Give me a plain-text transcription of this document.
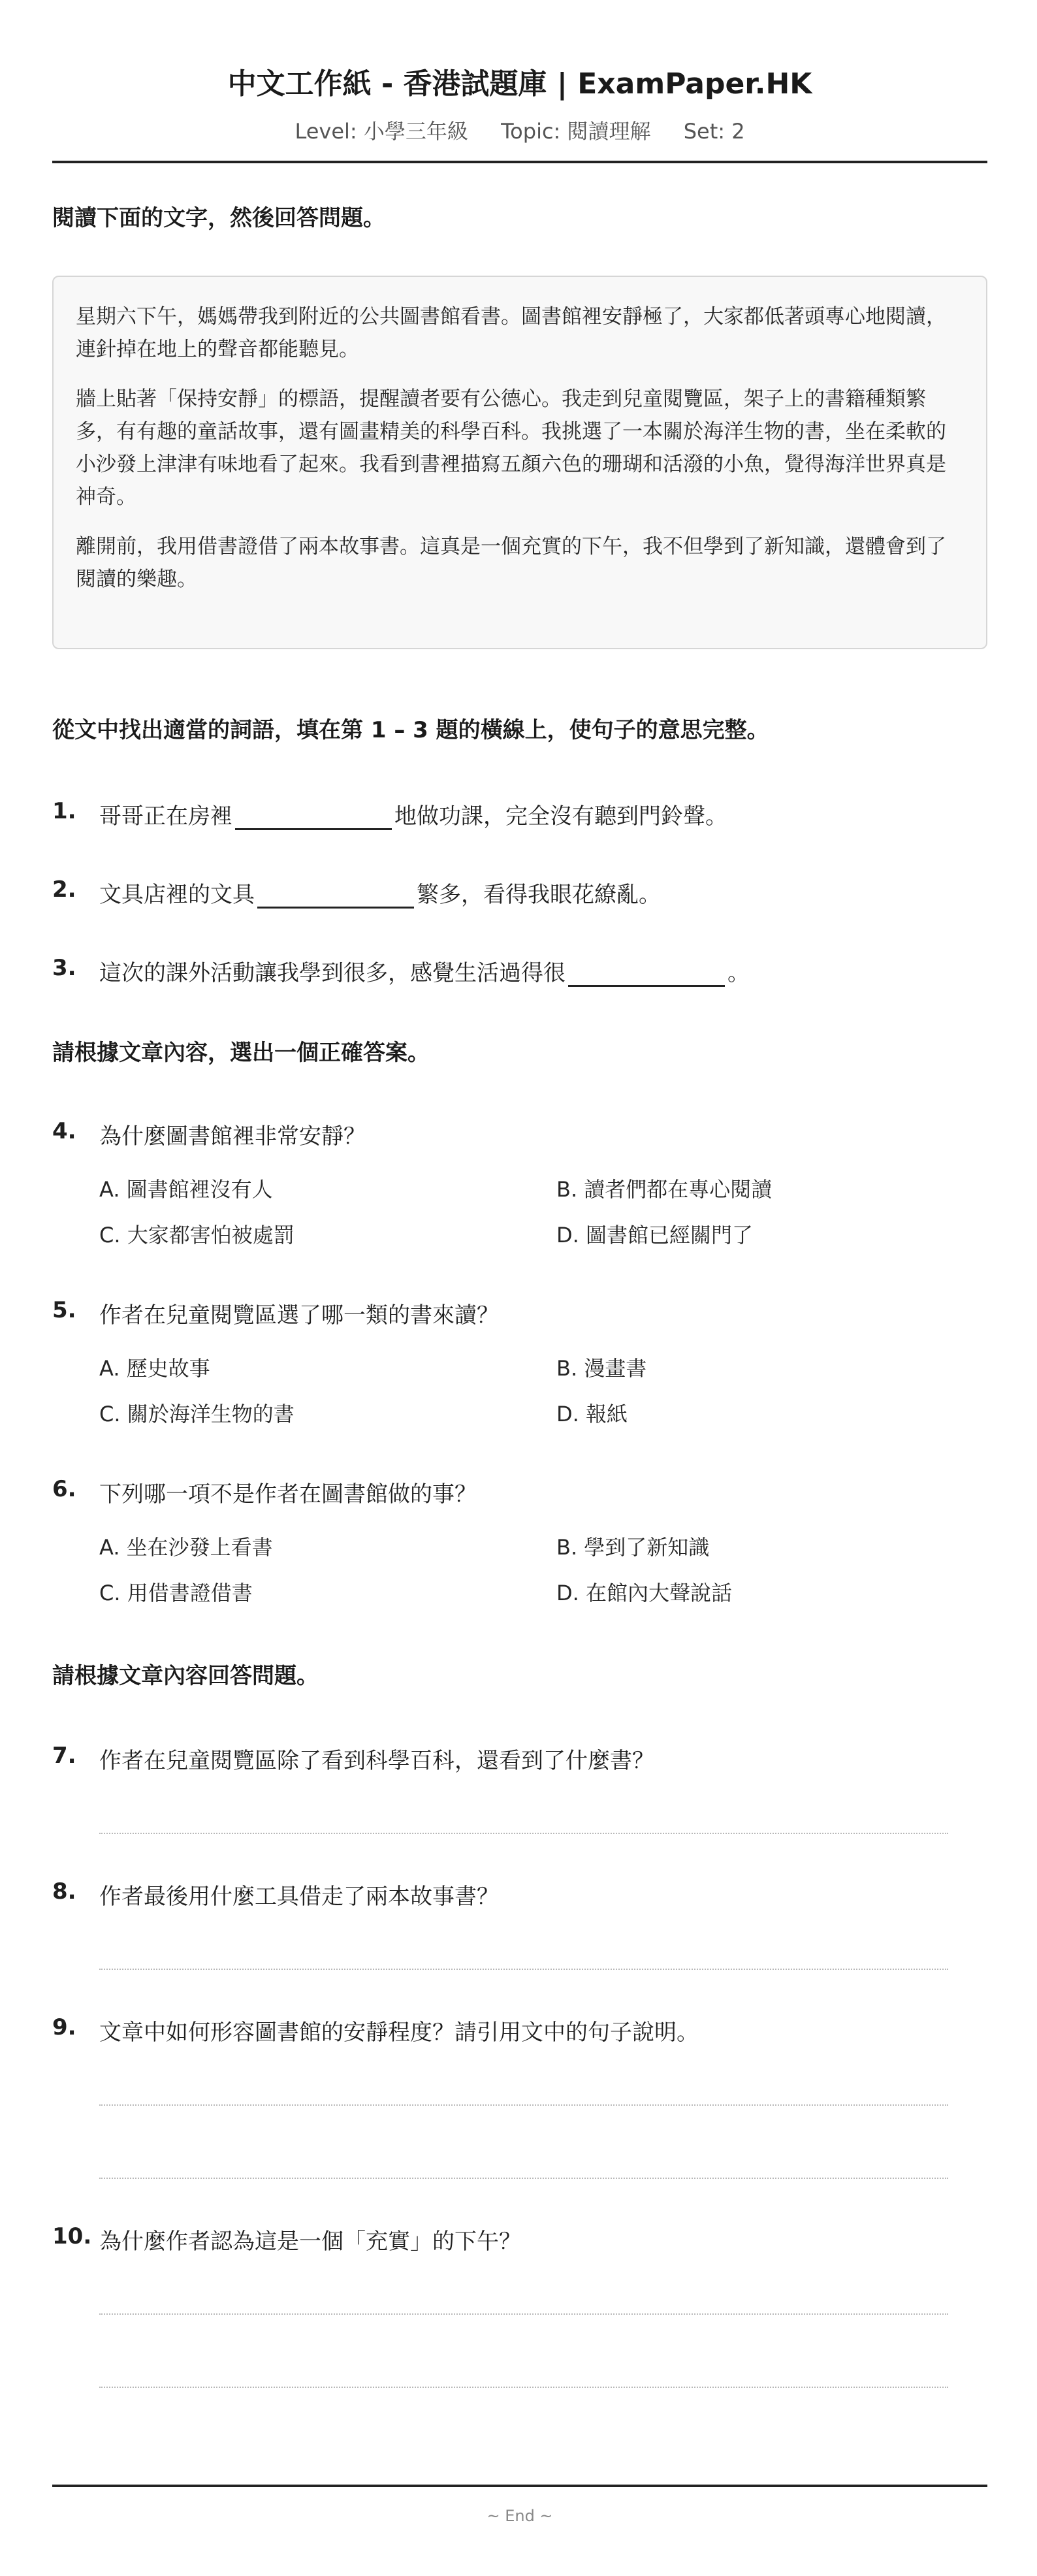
中文工作紙 - 香港試題庫 | ExamPaper.HK
Level: 小學三年級 Topic: 閱讀理解 Set: 2
閱讀下面的文字，然後回答問題。

星期六下午，媽媽帶我到附近的公共圖書館看書。圖書館裡安靜極了，大家都低著頭專心地閱讀，連針掉在地上的聲音都能聽見。

牆上貼著「保持安靜」的標語，提醒讀者要有公德心。我走到兒童閱覽區，架子上的書籍種類繁多，有有趣的童話故事，還有圖畫精美的科學百科。我挑選了一本關於海洋生物的書，坐在柔軟的小沙發上津津有味地看了起來。我看到書裡描寫五顏六色的珊瑚和活潑的小魚，覺得海洋世界真是神奇。

離開前，我用借書證借了兩本故事書。這真是一個充實的下午，我不但學到了新知識，還體會到了閱讀的樂趣。

從文中找出適當的詞語，填在第 1 – 3 題的橫線上，使句子的意思完整。
1. 哥哥正在房裡	地做功課，完全沒有聽到門鈴聲。
2. 文具店裡的文具	繁多，看得我眼花繚亂。
3. 這次的課外活動讓我學到很多，感覺生活過得很	。
請根據文章內容，選出一個正確答案。
4. 為什麼圖書館裡非常安靜？
A. 圖書館裡沒有人	B. 讀者們都在專心閱讀
C. 大家都害怕被處罰	D. 圖書館已經關門了
5. 作者在兒童閱覽區選了哪一類的書來讀？
A. 歷史故事	B. 漫畫書
C. 關於海洋生物的書	D. 報紙
6. 下列哪一項不是作者在圖書館做的事？
A. 坐在沙發上看書	B. 學到了新知識
C. 用借書證借書	D. 在館內大聲說話
請根據文章內容回答問題。
7. 作者在兒童閱覽區除了看到科學百科，還看到了什麼書？
8. 作者最後用什麼工具借走了兩本故事書？
9. 文章中如何形容圖書館的安靜程度？請引用文中的句子說明。
10. 為什麼作者認為這是一個「充實」的下午？
~ End ~
